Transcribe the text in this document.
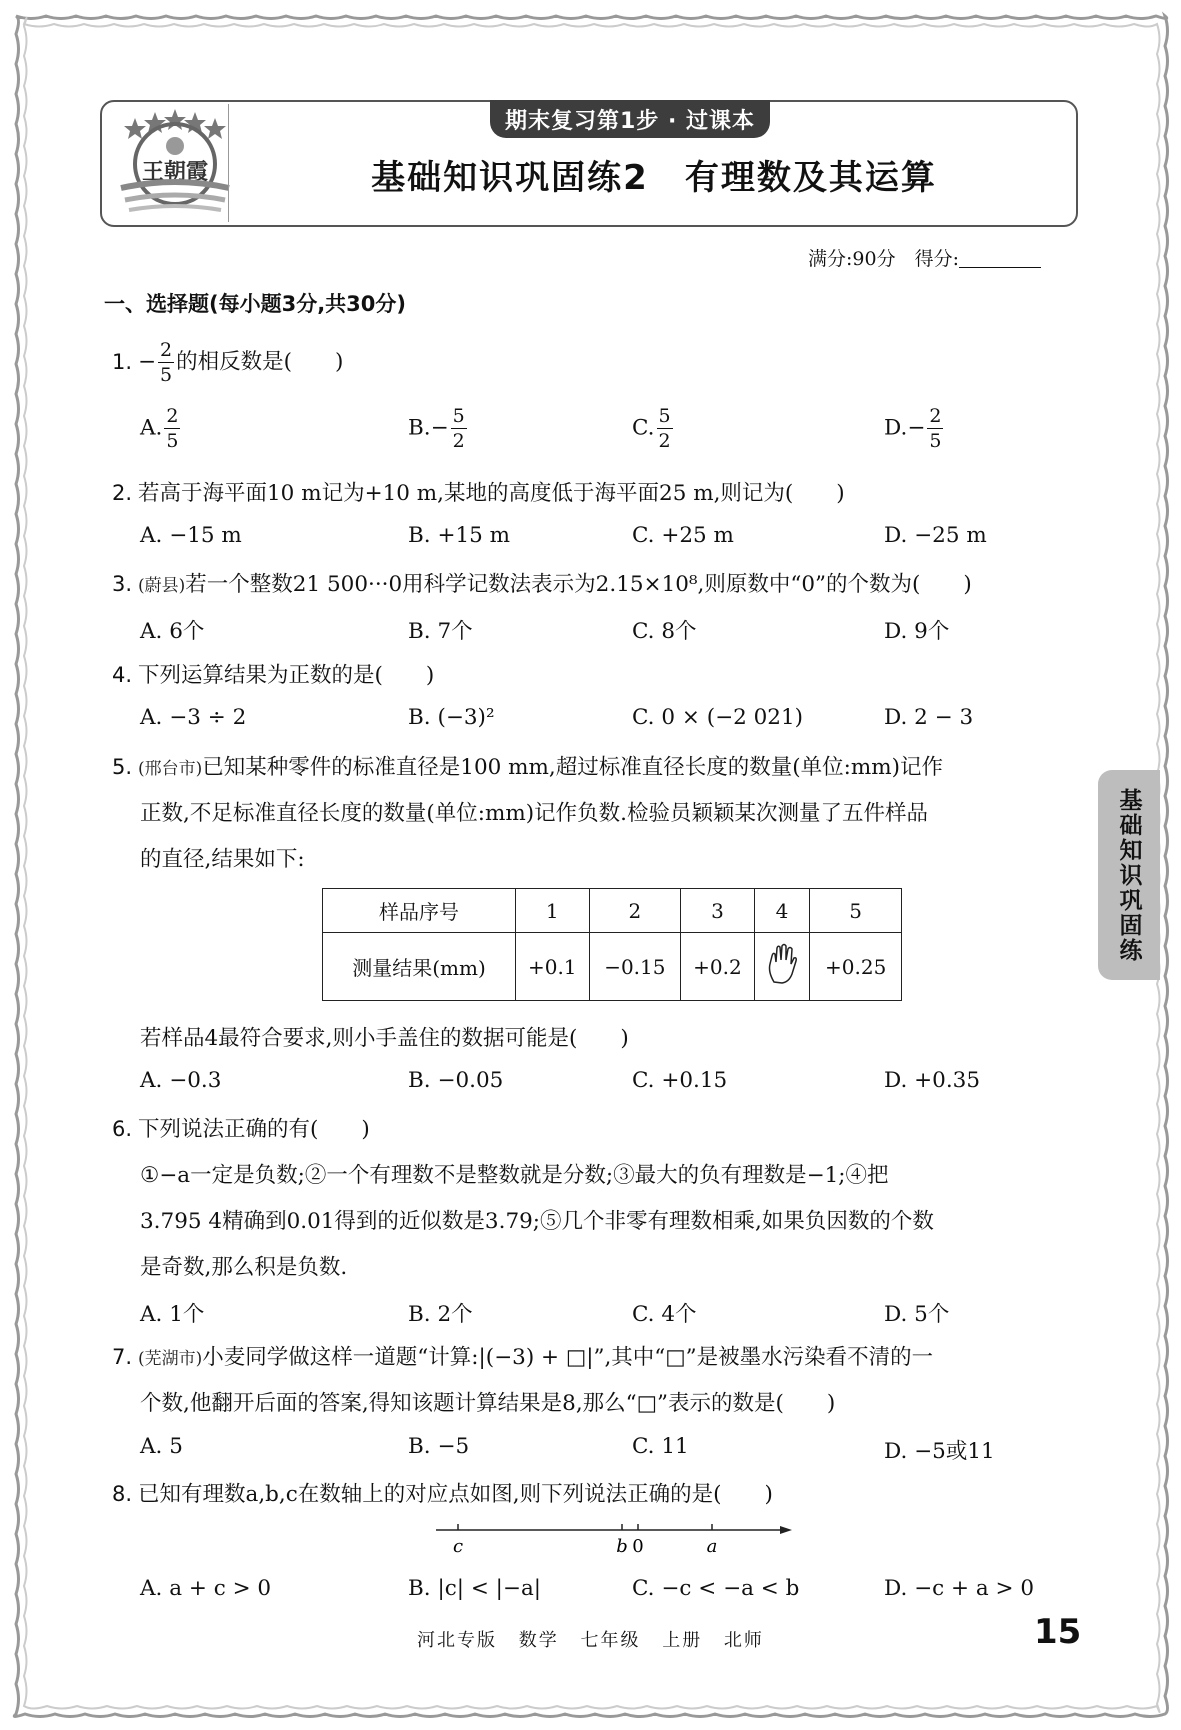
王朝霞
期末复习第1步 · 过课本
基础知识巩固练2　有理数及其运算
满分:90分　得分:
一、选择题(每小题3分,共30分)
1. − $\frac{2}{5}$ 的相反数是(　　)
A. $\frac{2}{5}$	$B.- \frac{5}{2}$	C. $\frac{5}{2}$	$D.- \frac{2}{5}$
2. 若高于海平面10 m记为+10 m,某地的高度低于海平面25 m,则记为(　　)
A. −15 m	B. +15 m	C. +25 m	D. −25 m
3. (蔚县)若一个整数21 500···0用科学记数法表示为2.15×10⁸,则原数中“0”的个数为(　　)
A. 6个	B. 7个	C. 8个	D. 9个
4. 下列运算结果为正数的是(　　)
A. −3 ÷ 2	B. (−3)²	C. 0 × (−2 021)	D. 2 − 3
5. (邢台市)已知某种零件的标准直径是100 mm,超过标准直径长度的数量(单位:mm)记作
正数,不足标准直径长度的数量(单位:mm)记作负数.检验员颖颖某次测量了五件样品
的直径,结果如下:
样品序号	1	2	3	4	5
测量结果(mm)	+0.1	−0.15	+0.2		+0.25
若样品4最符合要求,则小手盖住的数据可能是(　　)
A. −0.3	B. −0.05	C. +0.15	D. +0.35
6. 下列说法正确的有(　　)
①−a一定是负数;②一个有理数不是整数就是分数;③最大的负有理数是−1;④把
3.795 4精确到0.01得到的近似数是3.79;⑤几个非零有理数相乘,如果负因数的个数
是奇数,那么积是负数.
A. 1个	B. 2个	C. 4个	D. 5个
7. (芜湖市)小麦同学做这样一道题“计算:|(−3) + □|”,其中“□”是被墨水污染看不清的一
个数,他翻开后面的答案,得知该题计算结果是8,那么“□”表示的数是(　　)
A. 5	B. −5	C. 11	D. −5或11
8. 已知有理数a,b,c在数轴上的对应点如图,则下列说法正确的是(　　)
c	b 0	a
A. a + c > 0	B. |c| < |−a|	C. −c < −a < b	D. −c + a > 0
基础知识巩固练
河北专版 数学 七年级 上册 北师	15
